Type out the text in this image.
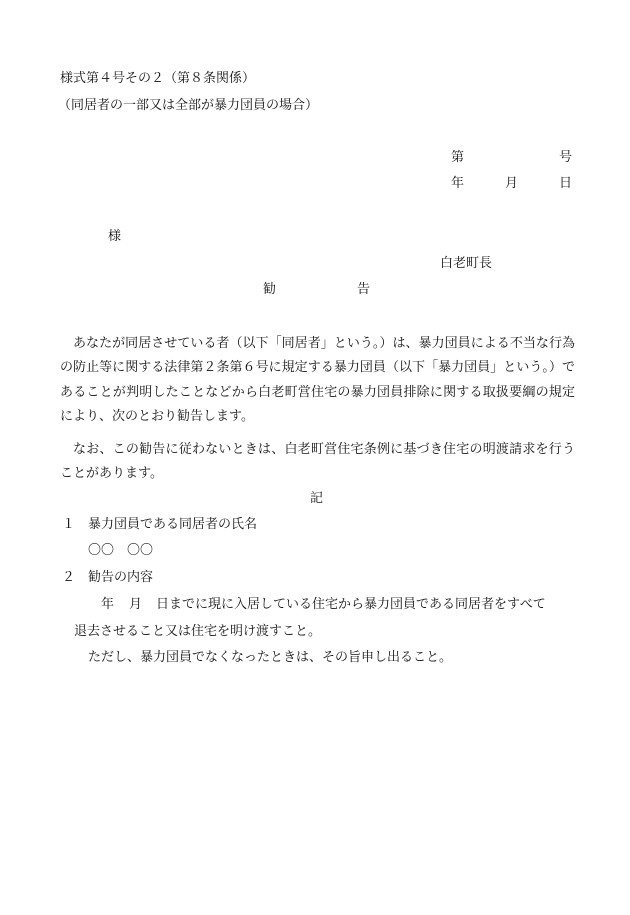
様式第４号その２（第８条関係）
（同居者の一部又は全部が暴力団員の場合）
第	号
年	月	日
様
白老町長
勧	告
あなたが同居させている者（以下「同居者」という。）は、暴力団員による不当な行為の防止等に関する法律第２条第６号に規定する暴力団員（以下「暴力団員」という。）であることが判明したことなどから白老町営住宅の暴力団員排除に関する取扱要綱の規定により、次のとおり勧告します。
なお、この勧告に従わないときは、白老町営住宅条例に基づき住宅の明渡請求を行うことがあります。
記
１ 暴力団員である同居者の氏名
〇〇　〇〇
２ 勧告の内容
年 月 日までに現に入居している住宅から暴力団員である同居者をすべて
退去させること又は住宅を明け渡すこと。
ただし、暴力団員でなくなったときは、その旨申し出ること。
